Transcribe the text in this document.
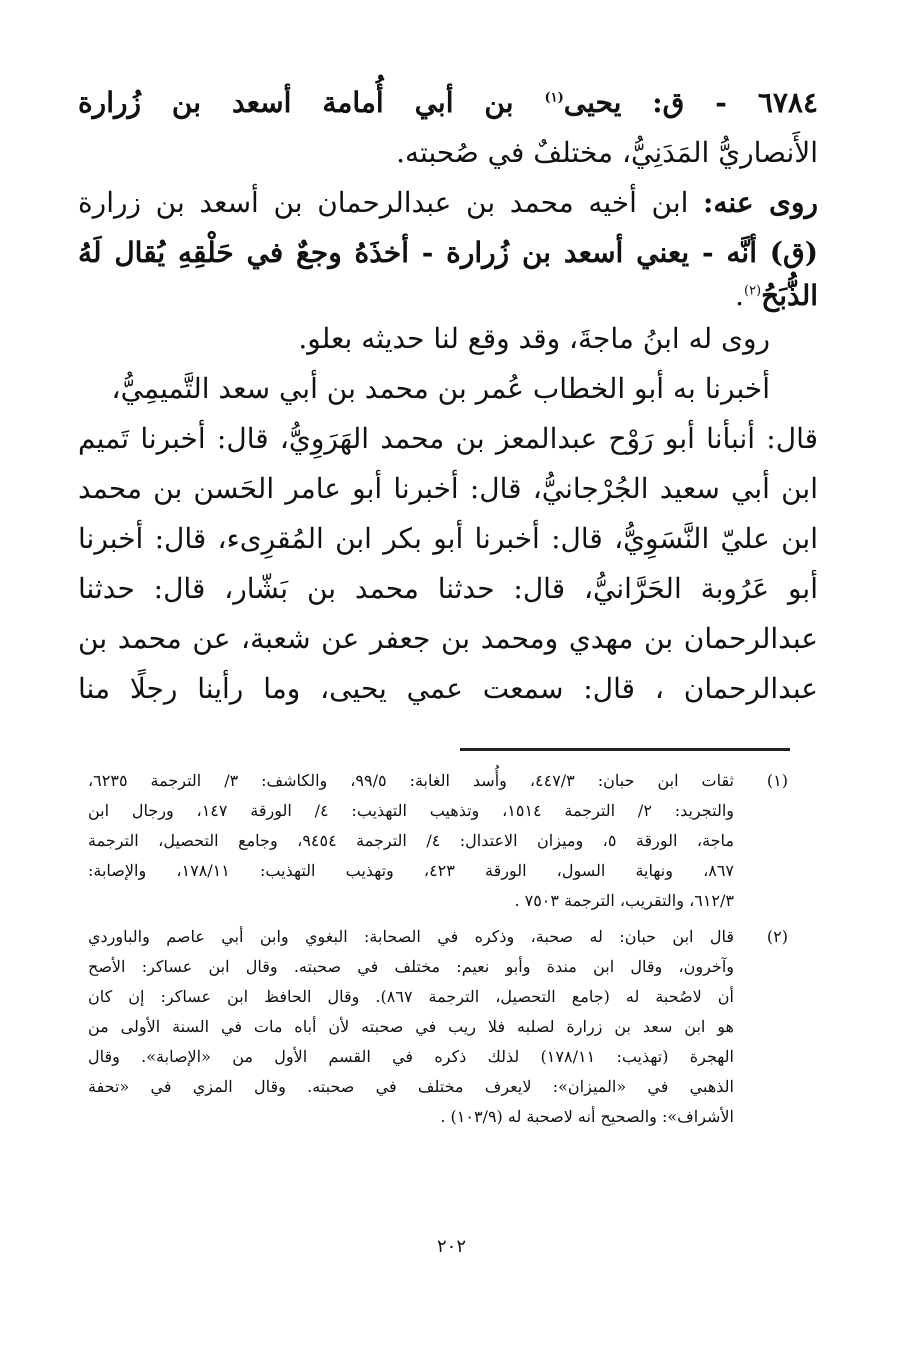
٦٧٨٤ - ق: يحيى$^{(١)}$ بن أبي أُمامة أسعد بن زُرارة
الأَنصاريُّ المَدَنِيُّ، مختلفٌ في صُحبته.
روى عنه: ابن أخيه محمد بن عبدالرحمان بن أسعد بن زرارة
(ق) أنَّه - يعني أسعد بن زُرارة - أخذَهُ وجعٌ في حَلْقِهِ يُقال لَهُ
الذُّبَحُ$^{(٢)}$.
روى له ابنُ ماجةَ، وقد وقع لنا حديثه بعلو.
أخبرنا به أبو الخطاب عُمر بن محمد بن أبي سعد التَّميمِيُّ،
قال: أنبأنا أبو رَوْح عبدالمعز بن محمد الهَرَوِيُّ، قال: أخبرنا تَميم
ابن أبي سعيد الجُرْجانيُّ، قال: أخبرنا أبو عامر الحَسن بن محمد
ابن عليّ النَّسَوِيُّ، قال: أخبرنا أبو بكر ابن المُقرِىء، قال: أخبرنا
أبو عَرُوبة الحَرَّانيُّ، قال: حدثنا محمد بن بَشّار، قال: حدثنا
عبدالرحمان بن مهدي ومحمد بن جعفر عن شعبة، عن محمد بن
عبدالرحمان ، قال: سمعت عمي يحيى، وما رأينا رجلًا منا
(١)
ثقات ابن حبان: ٤٤٧/٣، وأُسد الغابة: ٩٩/٥، والكاشف: ٣/ الترجمة ٦٢٣٥،
والتجريد: ٢/ الترجمة ١٥١٤، وتذهيب التهذيب: ٤/ الورقة ١٤٧، ورجال ابن
ماجة، الورقة ٥، وميزان الاعتدال: ٤/ الترجمة ٩٤٥٤، وجامع التحصيل، الترجمة
٨٦٧، ونهاية السول، الورقة ٤٢٣، وتهذيب التهذيب: ١٧٨/١١، والإصابة:
٦١٢/٣، والتقريب، الترجمة ٧٥٠٣ .
(٢)
قال ابن حبان: له صحبة، وذكره في الصحابة: البغوي وابن أبي عاصم والباوردي
وآخرون، وقال ابن مندة وأبو نعيم: مختلف في صحبته. وقال ابن عساكر: الأصح
أن لاصُحبة له (جامع التحصيل، الترجمة ٨٦٧). وقال الحافظ ابن عساكر: إن كان
هو ابن سعد بن زرارة لصلبه فلا ريب في صحبته لأن أباه مات في السنة الأولى من
الهجرة (تهذيب: ١٧٨/١١) لذلك ذكره في القسم الأول من «الإصابة». وقال
الذهبي في «الميزان»: لايعرف مختلف في صحبته. وقال المزي في «تحفة
الأشراف»: والصحيح أنه لاصحبة له (١٠٣/٩) .
٢٠٢
